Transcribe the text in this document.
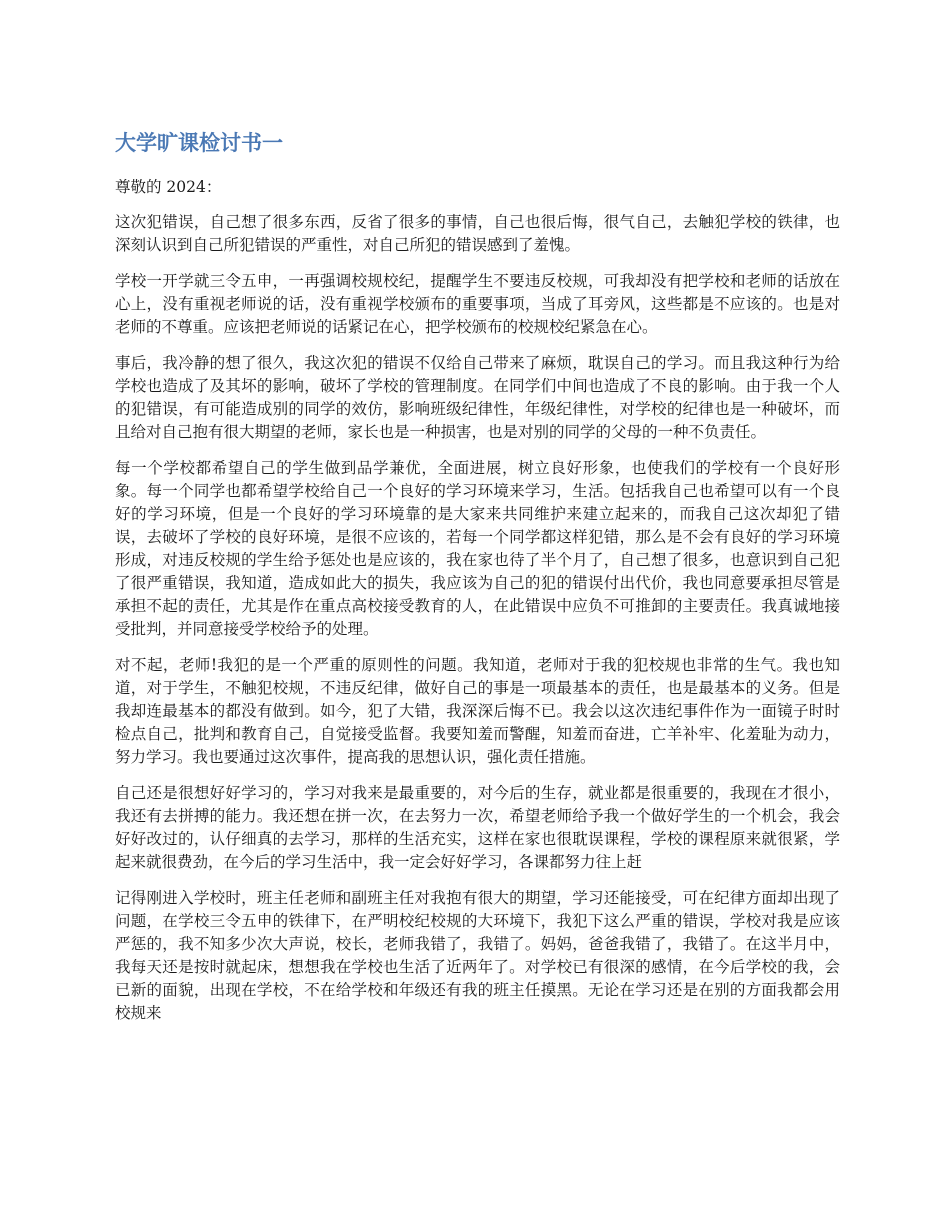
大学旷课检讨书一

尊敬的 2024：

这次犯错误，自己想了很多东西，反省了很多的事情，自己也很后悔，很气自己，去触犯学校的铁律，也深刻认识到自己所犯错误的严重性，对自己所犯的错误感到了羞愧。

学校一开学就三令五申，一再强调校规校纪，提醒学生不要违反校规，可我却没有把学校和老师的话放在心上，没有重视老师说的话，没有重视学校颁布的重要事项，当成了耳旁风，这些都是不应该的。也是对老师的不尊重。应该把老师说的话紧记在心，把学校颁布的校规校纪紧急在心。

事后，我冷静的想了很久，我这次犯的错误不仅给自己带来了麻烦，耽误自己的学习。而且我这种行为给学校也造成了及其坏的影响，破坏了学校的管理制度。在同学们中间也造成了不良的影响。由于我一个人的犯错误，有可能造成别的同学的效仿，影响班级纪律性，年级纪律性，对学校的纪律也是一种破坏，而且给对自己抱有很大期望的老师，家长也是一种损害，也是对别的同学的父母的一种不负责任。

每一个学校都希望自己的学生做到品学兼优，全面进展，树立良好形象，也使我们的学校有一个良好形象。每一个同学也都希望学校给自己一个良好的学习环境来学习，生活。包括我自己也希望可以有一个良好的学习环境，但是一个良好的学习环境靠的是大家来共同维护来建立起来的，而我自己这次却犯了错误，去破坏了学校的良好环境，是很不应该的，若每一个同学都这样犯错，那么是不会有良好的学习环境形成，对违反校规的学生给予惩处也是应该的，我在家也待了半个月了，自己想了很多，也意识到自己犯了很严重错误，我知道，造成如此大的损失，我应该为自己的犯的错误付出代价，我也同意要承担尽管是承担不起的责任，尤其是作在重点高校接受教育的人，在此错误中应负不可推卸的主要责任。我真诚地接受批判，并同意接受学校给予的处理。

对不起，老师!我犯的是一个严重的原则性的问题。我知道，老师对于我的犯校规也非常的生气。我也知道，对于学生，不触犯校规，不违反纪律，做好自己的事是一项最基本的责任，也是最基本的义务。但是我却连最基本的都没有做到。如今，犯了大错，我深深后悔不已。我会以这次违纪事件作为一面镜子时时检点自己，批判和教育自己，自觉接受监督。我要知羞而警醒，知羞而奋进，亡羊补牢、化羞耻为动力，努力学习。我也要通过这次事件，提高我的思想认识，强化责任措施。

自己还是很想好好学习的，学习对我来是最重要的，对今后的生存，就业都是很重要的，我现在才很小，我还有去拼搏的能力。我还想在拼一次，在去努力一次，希望老师给予我一个做好学生的一个机会，我会好好改过的，认仔细真的去学习，那样的生活充实，这样在家也很耽误课程，学校的课程原来就很紧，学起来就很费劲，在今后的学习生活中，我一定会好好学习，各课都努力往上赶

记得刚进入学校时，班主任老师和副班主任对我抱有很大的期望，学习还能接受，可在纪律方面却出现了问题，在学校三令五申的铁律下，在严明校纪校规的大环境下，我犯下这么严重的错误，学校对我是应该严惩的，我不知多少次大声说，校长，老师我错了，我错了。妈妈，爸爸我错了，我错了。在这半月中，我每天还是按时就起床，想想我在学校也生活了近两年了。对学校已有很深的感情，在今后学校的我，会已新的面貌，出现在学校，不在给学校和年级还有我的班主任摸黑。无论在学习还是在别的方面我都会用校规来
